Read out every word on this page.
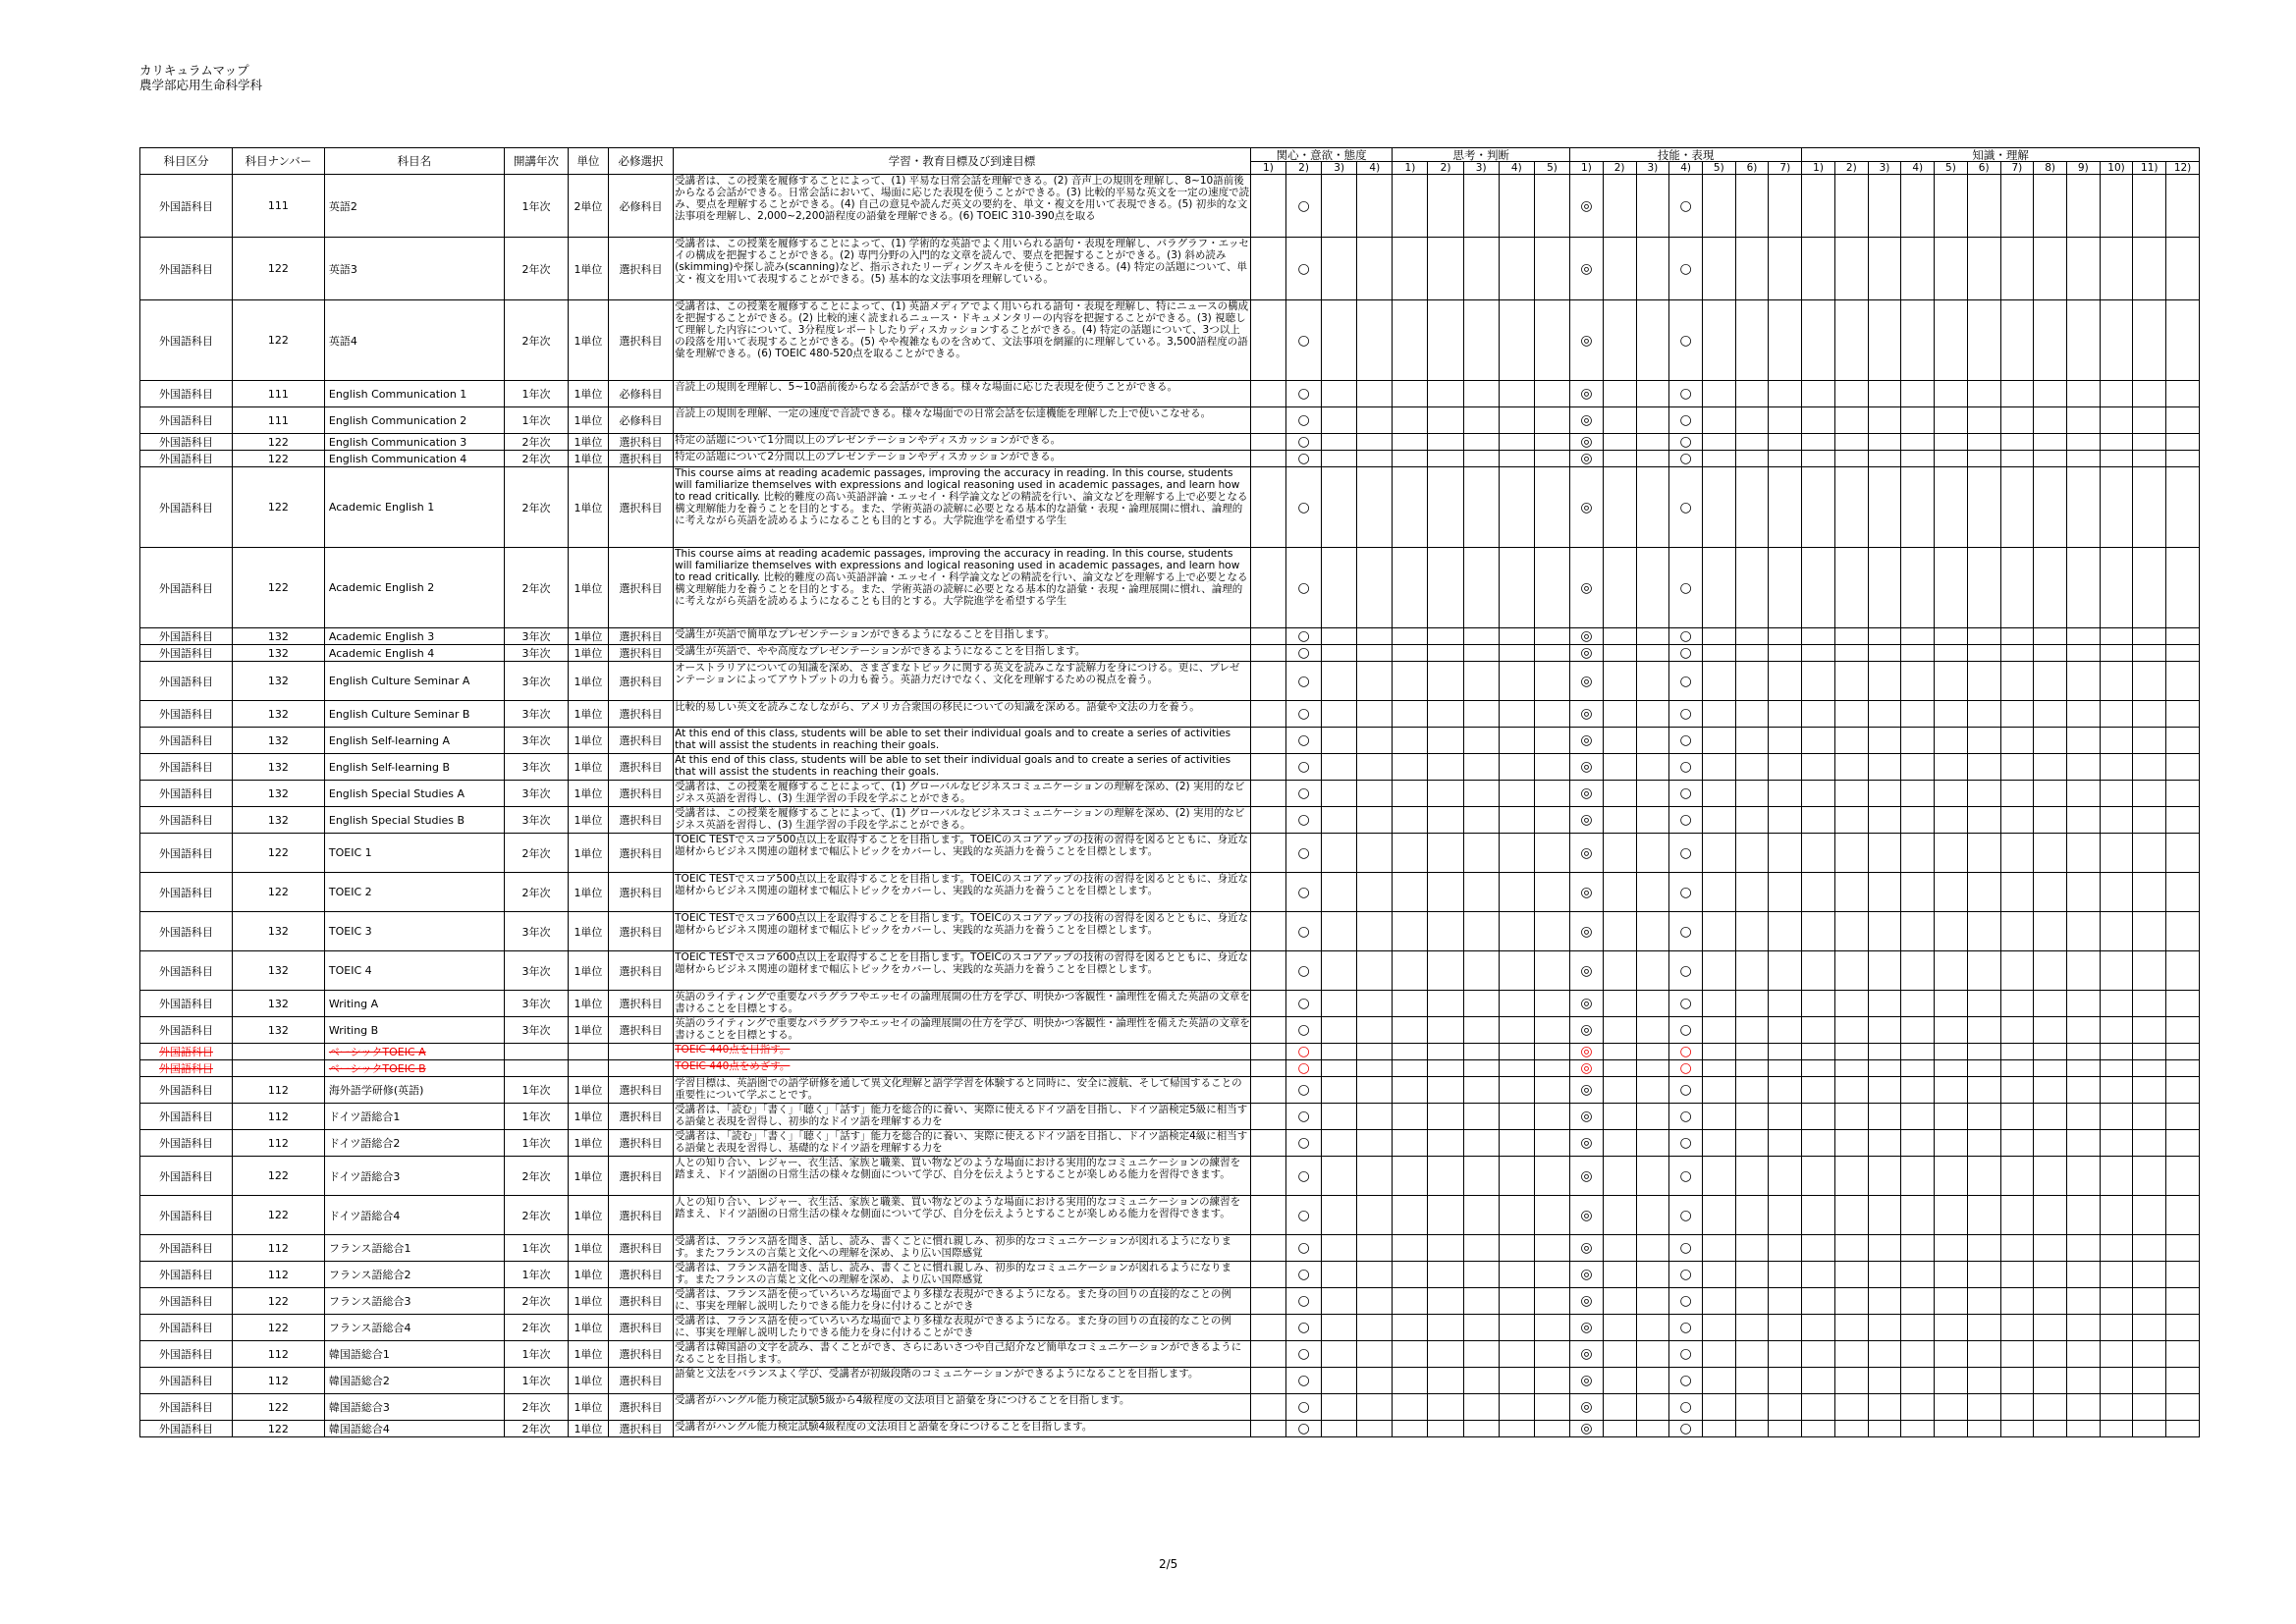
カリキュラムマップ
農学部応用生命科学科
科目区分	科目ナンバー	科目名	開講年次	単位	必修選択	学習・教育目標及び到達目標	関心・意欲・態度				思考・判断					技能・表現							知識・理解											
							1)	2)	3)	4)	1)	2)	3)	4)	5)	1)	2)	3)	4)	5)	6)	7)	1)	2)	3)	4)	5)	6)	7)	8)	9)	10)	11)	12)
外国語科目	111	英語2	1年次	2単位	必修科目	受講者は、この授業を履修することによって、(1) 平易な日常会話を理解できる。(2) 音声上の規則を理解し、8~10語前後からなる会話ができる。日常会話において、場面に応じた表現を使うことができる。(3) 比較的平易な英文を一定の速度で読み、要点を理解することができる。(4) 自己の意見や読んだ英文の要約を、単文・複文を用いて表現できる。(5) 初歩的な文法事項を理解し、2,000~2,200語程度の語彙を理解できる。(6) TOEIC 310-390点を取る		○								◎			○															
外国語科目	122	英語3	2年次	1単位	選択科目	受講者は、この授業を履修することによって、(1) 学術的な英語でよく用いられる語句・表現を理解し、パラグラフ・エッセイの構成を把握することができる。(2) 専門分野の入門的な文章を読んで、要点を把握することができる。(3) 斜め読み(skimming)や探し読み(scanning)など、指示されたリーディングスキルを使うことができる。(4) 特定の話題について、単文・複文を用いて表現することができる。(5) 基本的な文法事項を理解している。		○								◎			○															
外国語科目	122	英語4	2年次	1単位	選択科目	受講者は、この授業を履修することによって、(1) 英語メディアでよく用いられる語句・表現を理解し、特にニュースの構成を把握することができる。(2) 比較的速く読まれるニュース・ドキュメンタリーの内容を把握することができる。(3) 視聴して理解した内容について、3分程度レポートしたりディスカッションすることができる。(4) 特定の話題について、3つ以上の段落を用いて表現することができる。(5) やや複雑なものを含めて、文法事項を網羅的に理解している。3,500語程度の語彙を理解できる。(6) TOEIC 480-520点を取ることができる。		○								◎			○															
外国語科目	111	English Communication 1	1年次	1単位	必修科目	音読上の規則を理解し、5~10語前後からなる会話ができる。様々な場面に応じた表現を使うことができる。		○								◎			○															
外国語科目	111	English Communication 2	1年次	1単位	必修科目	音読上の規則を理解、一定の速度で音読できる。様々な場面での日常会話を伝達機能を理解した上で使いこなせる。		○								◎			○															
外国語科目	122	English Communication 3	2年次	1単位	選択科目	特定の話題について1分間以上のプレゼンテーションやディスカッションができる。		○								◎			○															
外国語科目	122	English Communication 4	2年次	1単位	選択科目	特定の話題について2分間以上のプレゼンテーションやディスカッションができる。		○								◎			○															
外国語科目	122	Academic English 1	2年次	1単位	選択科目	This course aims at reading academic passages, improving the accuracy in reading. In this course, students will familiarize themselves with expressions and logical reasoning used in academic passages, and learn how to read critically. 比較的難度の高い英語評論・エッセイ・科学論文などの精読を行い、論文などを理解する上で必要となる構文理解能力を養うことを目的とする。また、学術英語の読解に必要となる基本的な語彙・表現・論理展開に慣れ、論理的に考えながら英語を読めるようになることも目的とする。大学院進学を希望する学生		○								◎			○															
外国語科目	122	Academic English 2	2年次	1単位	選択科目	This course aims at reading academic passages, improving the accuracy in reading. In this course, students will familiarize themselves with expressions and logical reasoning used in academic passages, and learn how to read critically. 比較的難度の高い英語評論・エッセイ・科学論文などの精読を行い、論文などを理解する上で必要となる構文理解能力を養うことを目的とする。また、学術英語の読解に必要となる基本的な語彙・表現・論理展開に慣れ、論理的に考えながら英語を読めるようになることも目的とする。大学院進学を希望する学生		○								◎			○															
外国語科目	132	Academic English 3	3年次	1単位	選択科目	受講生が英語で簡単なプレゼンテーションができるようになることを目指します。		○								◎			○															
外国語科目	132	Academic English 4	3年次	1単位	選択科目	受講生が英語で、やや高度なプレゼンテーションができるようになることを目指します。		○								◎			○															
外国語科目	132	English Culture Seminar A	3年次	1単位	選択科目	オーストラリアについての知識を深め、さまざまなトピックに関する英文を読みこなす読解力を身につける。更に、プレゼンテーションによってアウトプットの力も養う。英語力だけでなく、文化を理解するための視点を養う。		○								◎			○															
外国語科目	132	English Culture Seminar B	3年次	1単位	選択科目	比較的易しい英文を読みこなしながら、アメリカ合衆国の移民についての知識を深める。語彙や文法の力を養う。		○								◎			○															
外国語科目	132	English Self-learning A	3年次	1単位	選択科目	At this end of this class, students will be able to set their individual goals and to create a series of activities that will assist the students in reaching their goals.		○								◎			○															
外国語科目	132	English Self-learning B	3年次	1単位	選択科目	At this end of this class, students will be able to set their individual goals and to create a series of activities that will assist the students in reaching their goals.		○								◎			○															
外国語科目	132	English Special Studies A	3年次	1単位	選択科目	受講者は、この授業を履修することによって、(1) グローバルなビジネスコミュニケーションの理解を深め、(2) 実用的なビジネス英語を習得し、(3) 生涯学習の手段を学ぶことができる。		○								◎			○															
外国語科目	132	English Special Studies B	3年次	1単位	選択科目	受講者は、この授業を履修することによって、(1) グローバルなビジネスコミュニケーションの理解を深め、(2) 実用的なビジネス英語を習得し、(3) 生涯学習の手段を学ぶことができる。		○								◎			○															
外国語科目	122	TOEIC 1	2年次	1単位	選択科目	TOEIC TESTでスコア500点以上を取得することを目指します。TOEICのスコアアップの技術の習得を図るとともに、身近な題材からビジネス関連の題材まで幅広トピックをカバーし、実践的な英語力を養うことを目標とします。		○								◎			○															
外国語科目	122	TOEIC 2	2年次	1単位	選択科目	TOEIC TESTでスコア500点以上を取得することを目指します。TOEICのスコアアップの技術の習得を図るとともに、身近な題材からビジネス関連の題材まで幅広トピックをカバーし、実践的な英語力を養うことを目標とします。		○								◎			○															
外国語科目	132	TOEIC 3	3年次	1単位	選択科目	TOEIC TESTでスコア600点以上を取得することを目指します。TOEICのスコアアップの技術の習得を図るとともに、身近な題材からビジネス関連の題材まで幅広トピックをカバーし、実践的な英語力を養うことを目標とします。		○								◎			○															
外国語科目	132	TOEIC 4	3年次	1単位	選択科目	TOEIC TESTでスコア600点以上を取得することを目指します。TOEICのスコアアップの技術の習得を図るとともに、身近な題材からビジネス関連の題材まで幅広トピックをカバーし、実践的な英語力を養うことを目標とします。		○								◎			○															
外国語科目	132	Writing A	3年次	1単位	選択科目	英語のライティングで重要なパラグラフやエッセイの論理展開の仕方を学び、明快かつ客観性・論理性を備えた英語の文章を書けることを目標とする。		○								◎			○															
外国語科目	132	Writing B	3年次	1単位	選択科目	英語のライティングで重要なパラグラフやエッセイの論理展開の仕方を学び、明快かつ客観性・論理性を備えた英語の文章を書けることを目標とする。		○								◎			○															
外国語科目		ベーシックTOEIC A				TOEIC 440点を目指す。		○								◎			○															
外国語科目		ベーシックTOEIC B				TOEIC 440点をめざす。		○								◎			○															
外国語科目	112	海外語学研修(英語)	1年次	1単位	選択科目	学習目標は、英語圏での語学研修を通して異文化理解と語学学習を体験すると同時に、安全に渡航、そして帰国することの重要性について学ぶことです。		○								◎			○															
外国語科目	112	ドイツ語総合1	1年次	1単位	選択科目	受講者は、「読む」「書く」「聴く」「話す」能力を総合的に養い、実際に使えるドイツ語を目指し、ドイツ語検定5級に相当する語彙と表現を習得し、初歩的なドイツ語を理解する力を		○								◎			○															
外国語科目	112	ドイツ語総合2	1年次	1単位	選択科目	受講者は、「読む」「書く」「聴く」「話す」能力を総合的に養い、実際に使えるドイツ語を目指し、ドイツ語検定4級に相当する語彙と表現を習得し、基礎的なドイツ語を理解する力を		○								◎			○															
外国語科目	122	ドイツ語総合3	2年次	1単位	選択科目	人との知り合い、レジャー、衣生活、家族と職業、買い物などのような場面における実用的なコミュニケーションの練習を踏まえ、ドイツ語圏の日常生活の様々な側面について学び、自分を伝えようとすることが楽しめる能力を習得できます。		○								◎			○															
外国語科目	122	ドイツ語総合4	2年次	1単位	選択科目	人との知り合い、レジャー、衣生活、家族と職業、買い物などのような場面における実用的なコミュニケーションの練習を踏まえ、ドイツ語圏の日常生活の様々な側面について学び、自分を伝えようとすることが楽しめる能力を習得できます。		○								◎			○															
外国語科目	112	フランス語総合1	1年次	1単位	選択科目	受講者は、フランス語を聞き、話し、読み、書くことに慣れ親しみ、初歩的なコミュニケーションが図れるようになります。またフランスの言葉と文化への理解を深め、より広い国際感覚		○								◎			○															
外国語科目	112	フランス語総合2	1年次	1単位	選択科目	受講者は、フランス語を聞き、話し、読み、書くことに慣れ親しみ、初歩的なコミュニケーションが図れるようになります。またフランスの言葉と文化への理解を深め、より広い国際感覚		○								◎			○															
外国語科目	122	フランス語総合3	2年次	1単位	選択科目	受講者は、フランス語を使っていろいろな場面でより多様な表現ができるようになる。また身の回りの直接的なことの例に、事実を理解し説明したりできる能力を身に付けることができ		○								◎			○															
外国語科目	122	フランス語総合4	2年次	1単位	選択科目	受講者は、フランス語を使っていろいろな場面でより多様な表現ができるようになる。また身の回りの直接的なことの例に、事実を理解し説明したりできる能力を身に付けることができ		○								◎			○															
外国語科目	112	韓国語総合1	1年次	1単位	選択科目	受講者は韓国語の文字を読み、書くことができ、さらにあいさつや自己紹介など簡単なコミュニケーションができるようになることを目指します。		○								◎			○															
外国語科目	112	韓国語総合2	1年次	1単位	選択科目	語彙と文法をバランスよく学び、受講者が初級段階のコミュニケーションができるようになることを目指します。		○								◎			○															
外国語科目	122	韓国語総合3	2年次	1単位	選択科目	受講者がハングル能力検定試験5級から4級程度の文法項目と語彙を身につけることを目指します。		○								◎			○															
外国語科目	122	韓国語総合4	2年次	1単位	選択科目	受講者がハングル能力検定試験4級程度の文法項目と語彙を身につけることを目指します。		○								◎			○															
2/5
